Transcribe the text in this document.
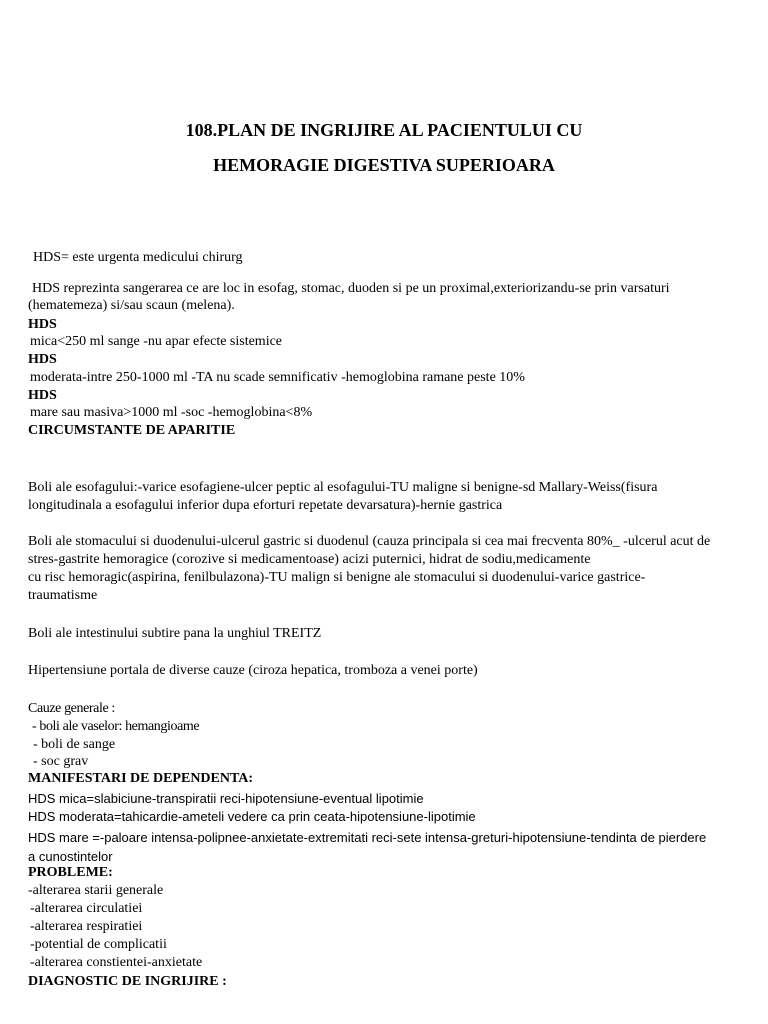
108.PLAN DE INGRIJIRE AL PACIENTULUI CU
HEMORAGIE DIGESTIVA SUPERIOARA
HDS= este urgenta medicului chirurg
HDS reprezinta sangerarea ce are loc in esofag, stomac, duoden si pe un proximal,exteriorizandu-se prin varsaturi
(hematemeza) si/sau scaun (melena).
HDS
mica<250 ml sange -nu apar efecte sistemice
HDS
moderata-intre 250-1000 ml -TA nu scade semnificativ -hemoglobina ramane peste 10%
HDS
mare sau masiva>1000 ml -soc -hemoglobina<8%
CIRCUMSTANTE DE APARITIE
Boli ale esofagului:-varice esofagiene-ulcer peptic al esofagului-TU maligne si benigne-sd Mallary-Weiss(fisura
longitudinala a esofagului inferior dupa eforturi repetate devarsatura)-hernie gastrica
Boli ale stomacului si duodenului-ulcerul gastric si duodenul (cauza principala si cea mai frecventa 80%_ -ulcerul acut de
stres-gastrite hemoragice (corozive si medicamentoase) acizi puternici, hidrat de sodiu,medicamente
cu risc hemoragic(aspirina, fenilbulazona)-TU malign si benigne ale stomacului si duodenului-varice gastrice-
traumatisme
Boli ale intestinului subtire pana la unghiul TREITZ
Hipertensiune portala de diverse cauze (ciroza hepatica, tromboza a venei porte)
Cauze generale :
- boli ale vaselor: hemangioame
- boli de sange
- soc grav
MANIFESTARI DE DEPENDENTA:
HDS mica=slabiciune-transpiratii reci-hipotensiune-eventual lipotimie
HDS moderata=tahicardie-ameteli vedere ca prin ceata-hipotensiune-lipotimie
HDS mare =-paloare intensa-polipnee-anxietate-extremitati reci-sete intensa-greturi-hipotensiune-tendinta de pierdere
a cunostintelor
PROBLEME:
-alterarea starii generale
-alterarea circulatiei
-alterarea respiratiei
-potential de complicatii
-alterarea constientei-anxietate
DIAGNOSTIC DE INGRIJIRE :
